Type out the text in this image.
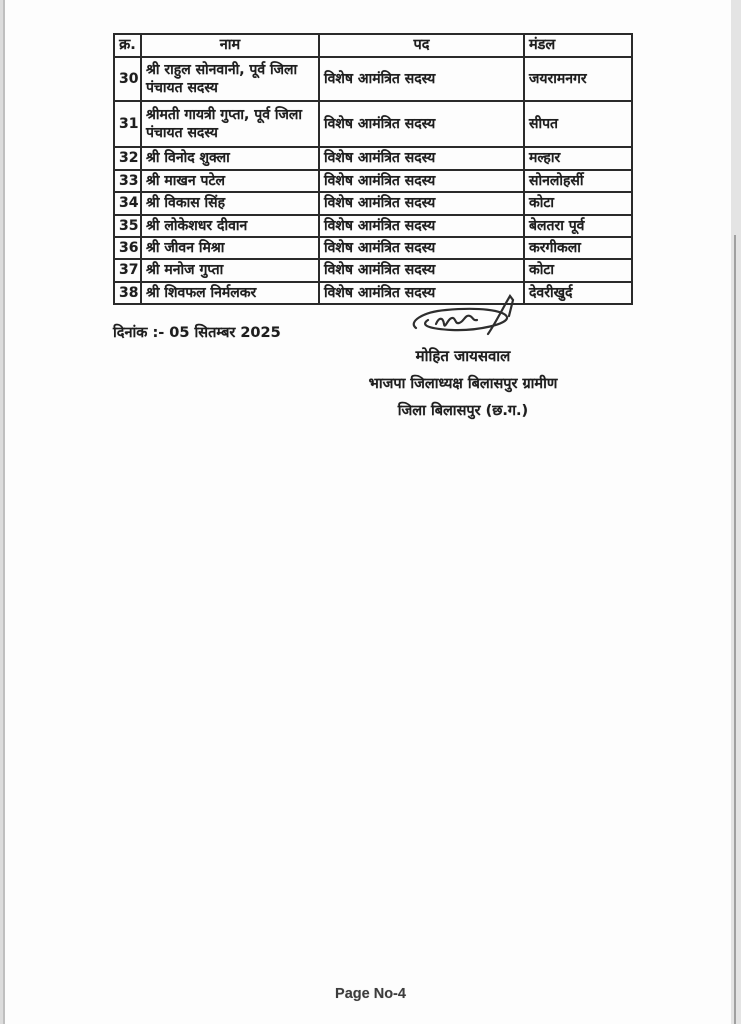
क्र.	नाम	पद	मंडल
30	श्री राहुल सोनवानी, पूर्व जिला पंचायत सदस्य	विशेष आमंत्रित सदस्य	जयरामनगर
31	श्रीमती गायत्री गुप्ता, पूर्व जिला पंचायत सदस्य	विशेष आमंत्रित सदस्य	सीपत
32	श्री विनोद शुक्ला	विशेष आमंत्रित सदस्य	मल्हार
33	श्री माखन पटेल	विशेष आमंत्रित सदस्य	सोनलोहर्सी
34	श्री विकास सिंह	विशेष आमंत्रित सदस्य	कोटा
35	श्री लोकेशधर दीवान	विशेष आमंत्रित सदस्य	बेलतरा पूर्व
36	श्री जीवन मिश्रा	विशेष आमंत्रित सदस्य	करगीकला
37	श्री मनोज गुप्ता	विशेष आमंत्रित सदस्य	कोटा
38	श्री शिवफल निर्मलकर	विशेष आमंत्रित सदस्य	देवरीखुर्द
दिनांक :- 05 सितम्बर 2025
मोहित जायसवाल
भाजपा जिलाध्यक्ष बिलासपुर ग्रामीण
जिला बिलासपुर (छ.ग.)
Page No-4
